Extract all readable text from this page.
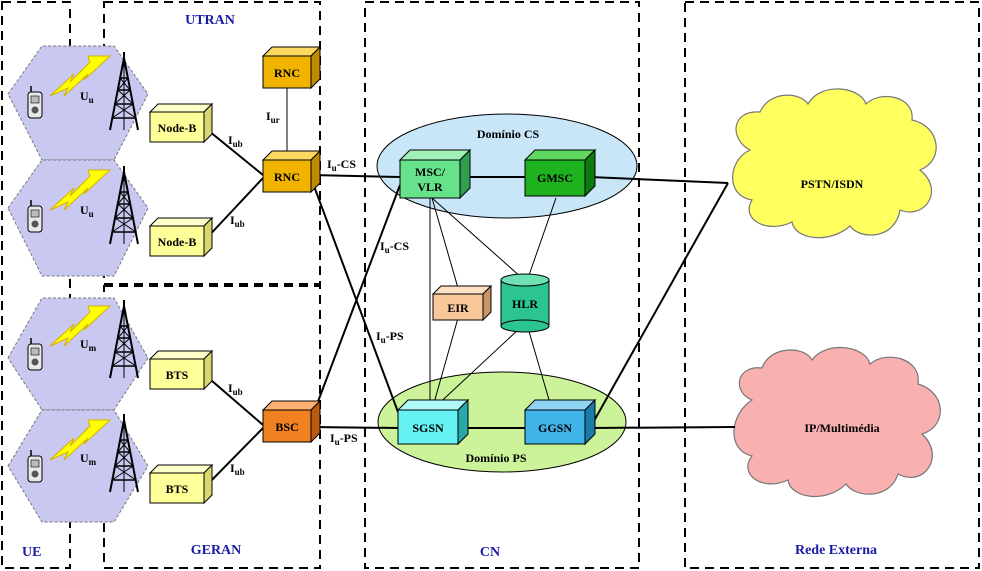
Node-B
Node-B
BTS
BTS
RNC
RNC
BSC
MSC/
VLR
GMSC
EIR	HLR
SGSN	GGSN
UE
UTRAN
GERAN	CN	Rede Externa
Domínio CS
Domínio PS
PSTN/ISDN
IP/Multimédia
$U_u$
$U_u$
$U_m$
$U_m$
$I_{ub}$
$I_{ub}$
$I_{ub}$
$I_{ub}$
$I_{ur}$
$I_u-CS$
$I_u-CS$
$I_u-PS$
$I_u-PS$
